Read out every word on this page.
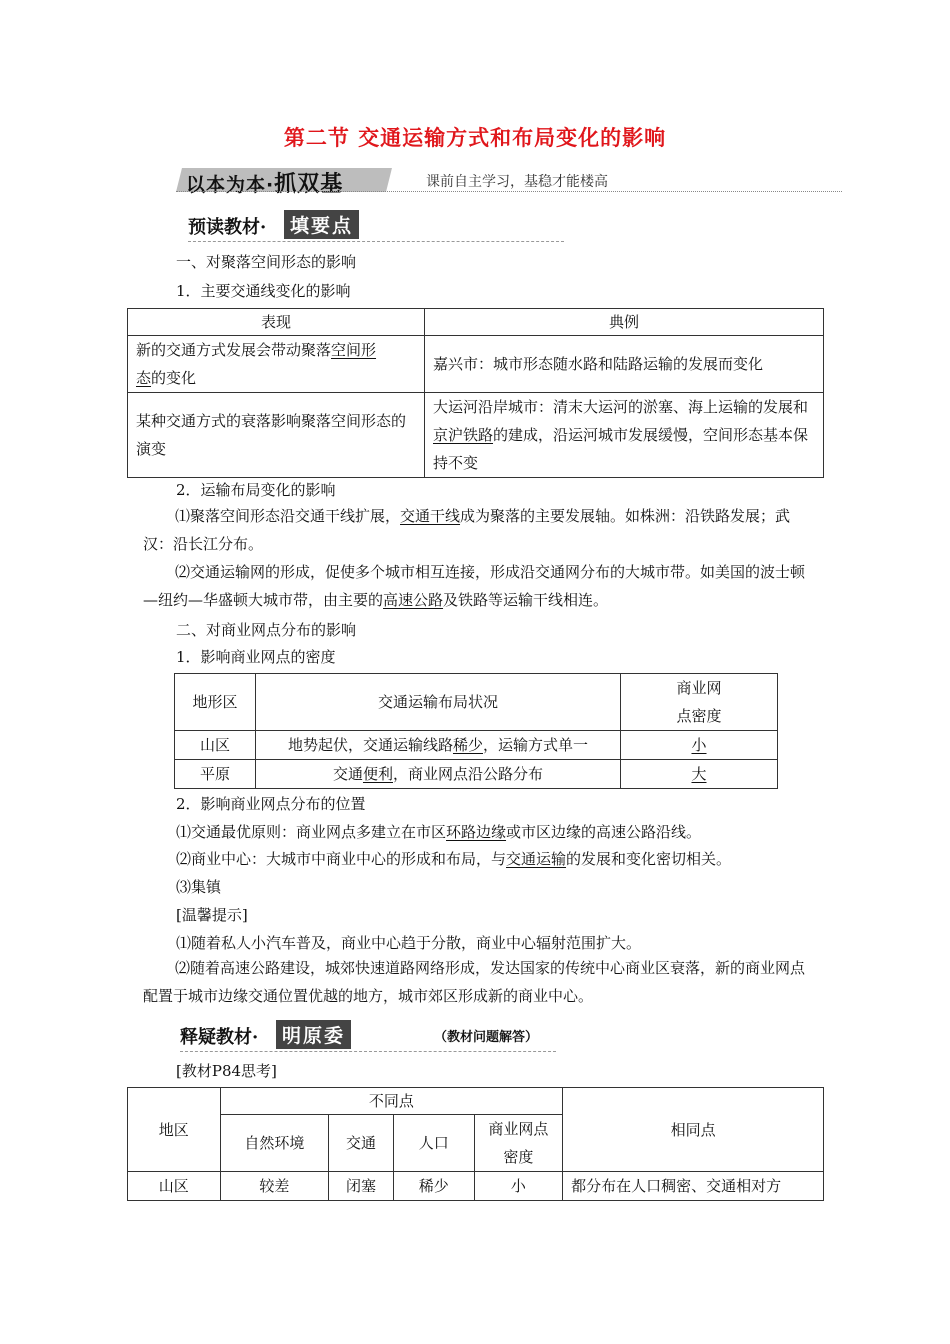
第二节 交通运输方式和布局变化的影响
以本为本·抓双基	课前自主学习，基稳才能楼高
预读教材·	填要点
一、对聚落空间形态的影响
1．主要交通线变化的影响
表现	典例
新的交通方式发展会带动聚落空间形
态的变化	嘉兴市：城市形态随水路和陆路运输的发展而变化
某种交通方式的衰落影响聚落空间形态的演变	大运河沿岸城市：清末大运河的淤塞、海上运输的发展和京沪铁路的建成，沿运河城市发展缓慢，空间形态基本保持不变
2．运输布局变化的影响
⑴聚落空间形态沿交通干线扩展，交通干线成为聚落的主要发展轴。如株洲：沿铁路发展；武汉：沿长江分布。
⑵交通运输网的形成，促使多个城市相互连接，形成沿交通网分布的大城市带。如美国的波士顿—纽约—华盛顿大城市带，由主要的高速公路及铁路等运输干线相连。
二、对商业网点分布的影响
1．影响商业网点的密度
地形区	交通运输布局状况	商业网
点密度
山区	地势起伏，交通运输线路稀少，运输方式单一	小
平原	交通便利，商业网点沿公路分布	大
2．影响商业网点分布的位置
⑴交通最优原则：商业网点多建立在市区环路边缘或市区边缘的高速公路沿线。
⑵商业中心：大城市中商业中心的形成和布局，与交通运输的发展和变化密切相关。
⑶集镇
[温馨提示]
⑴随着私人小汽车普及，商业中心趋于分散，商业中心辐射范围扩大。
⑵随着高速公路建设，城郊快速道路网络形成，发达国家的传统中心商业区衰落，新的商业网点配置于城市边缘交通位置优越的地方，城市郊区形成新的商业中心。
释疑教材·	明原委	（教材问题解答）
[教材P84思考]
地区	不同点				相同点
	自然环境	交通	人口	商业网点
密度	
山区	较差	闭塞	稀少	小	都分布在人口稠密、交通相对方
